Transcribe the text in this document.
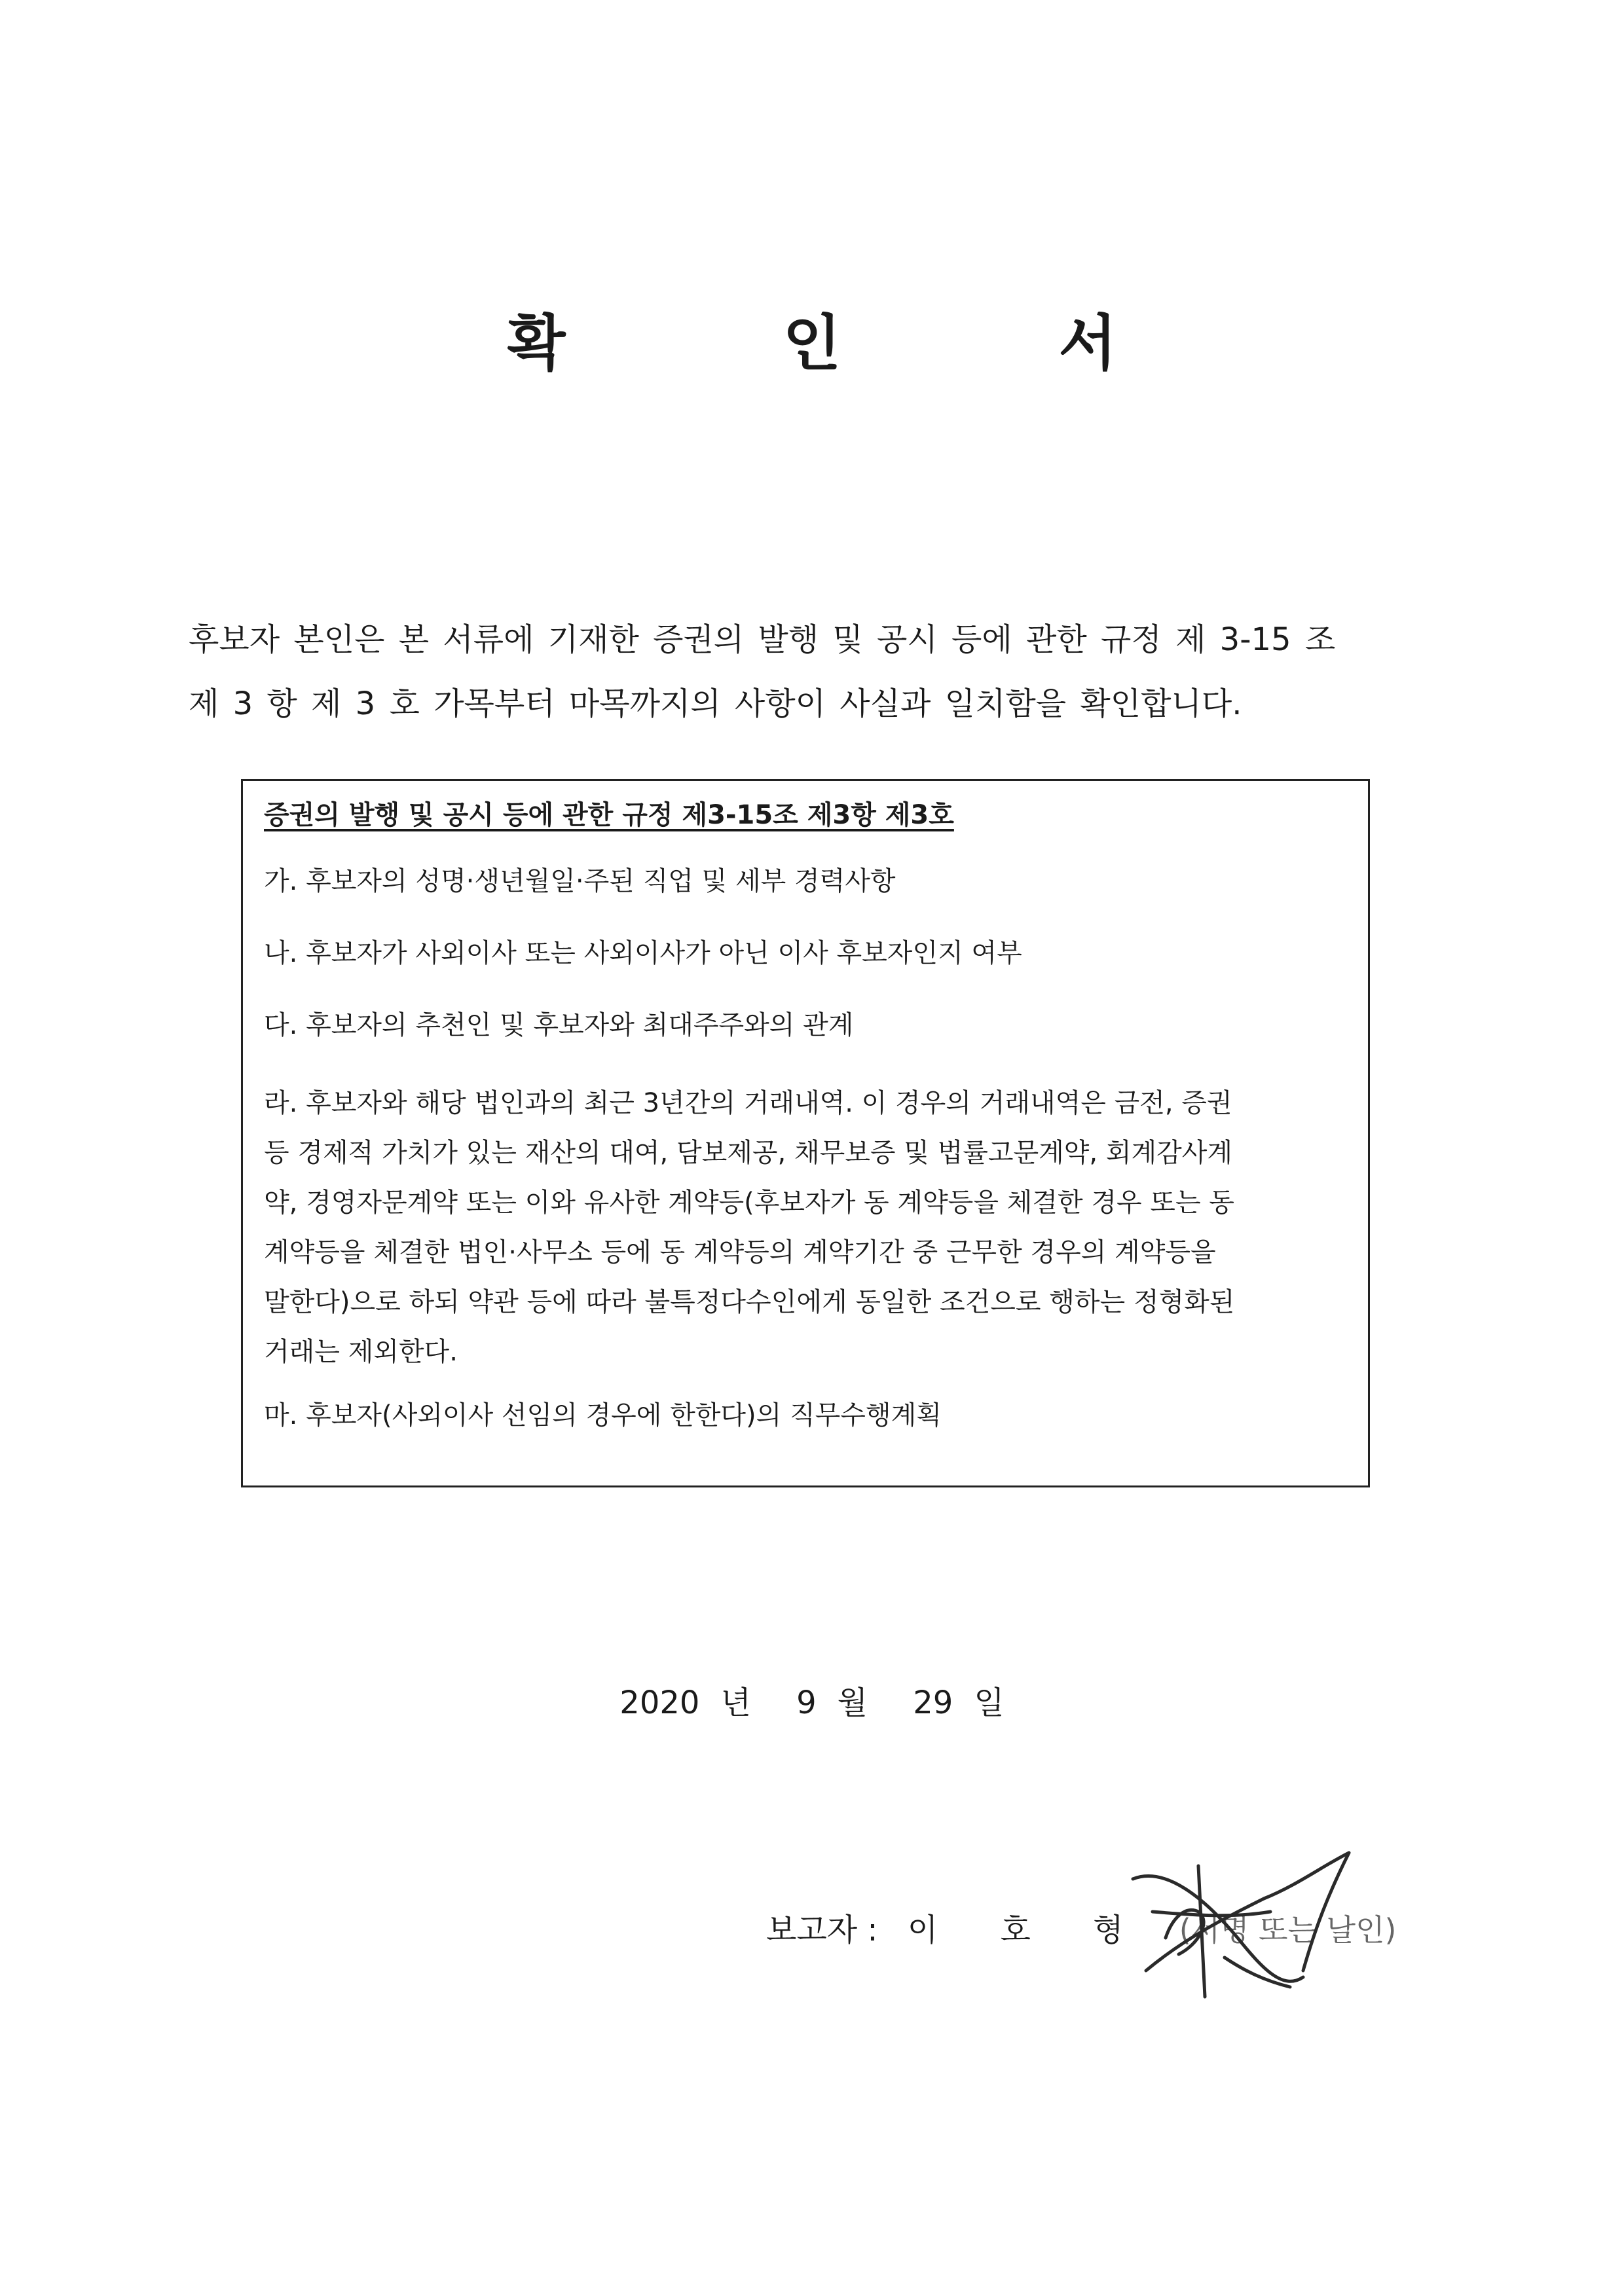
확 인 서
후보자 본인은 본 서류에 기재한 증권의 발행 및 공시 등에 관한 규정 제 3-15 조
제 3 항 제 3 호 가목부터 마목까지의 사항이 사실과 일치함을 확인합니다.
증권의 발행 및 공시 등에 관한 규정 제3-15조 제3항 제3호
가. 후보자의 성명·생년월일·주된 직업 및 세부 경력사항
나. 후보자가 사외이사 또는 사외이사가 아닌 이사 후보자인지 여부
다. 후보자의 추천인 및 후보자와 최대주주와의 관계
라. 후보자와 해당 법인과의 최근 3년간의 거래내역. 이 경우의 거래내역은 금전, 증권
등 경제적 가치가 있는 재산의 대여, 담보제공, 채무보증 및 법률고문계약, 회계감사계
약, 경영자문계약 또는 이와 유사한 계약등(후보자가 동 계약등을 체결한 경우 또는 동
계약등을 체결한 법인·사무소 등에 동 계약등의 계약기간 중 근무한 경우의 계약등을
말한다)으로 하되 약관 등에 따라 불특정다수인에게 동일한 조건으로 행하는 정형화된
거래는 제외한다.
마. 후보자(사외이사 선임의 경우에 한한다)의 직무수행계획
2020 년 9 월 29 일
보고자 : 이 호 형 (서명 또는 날인)
